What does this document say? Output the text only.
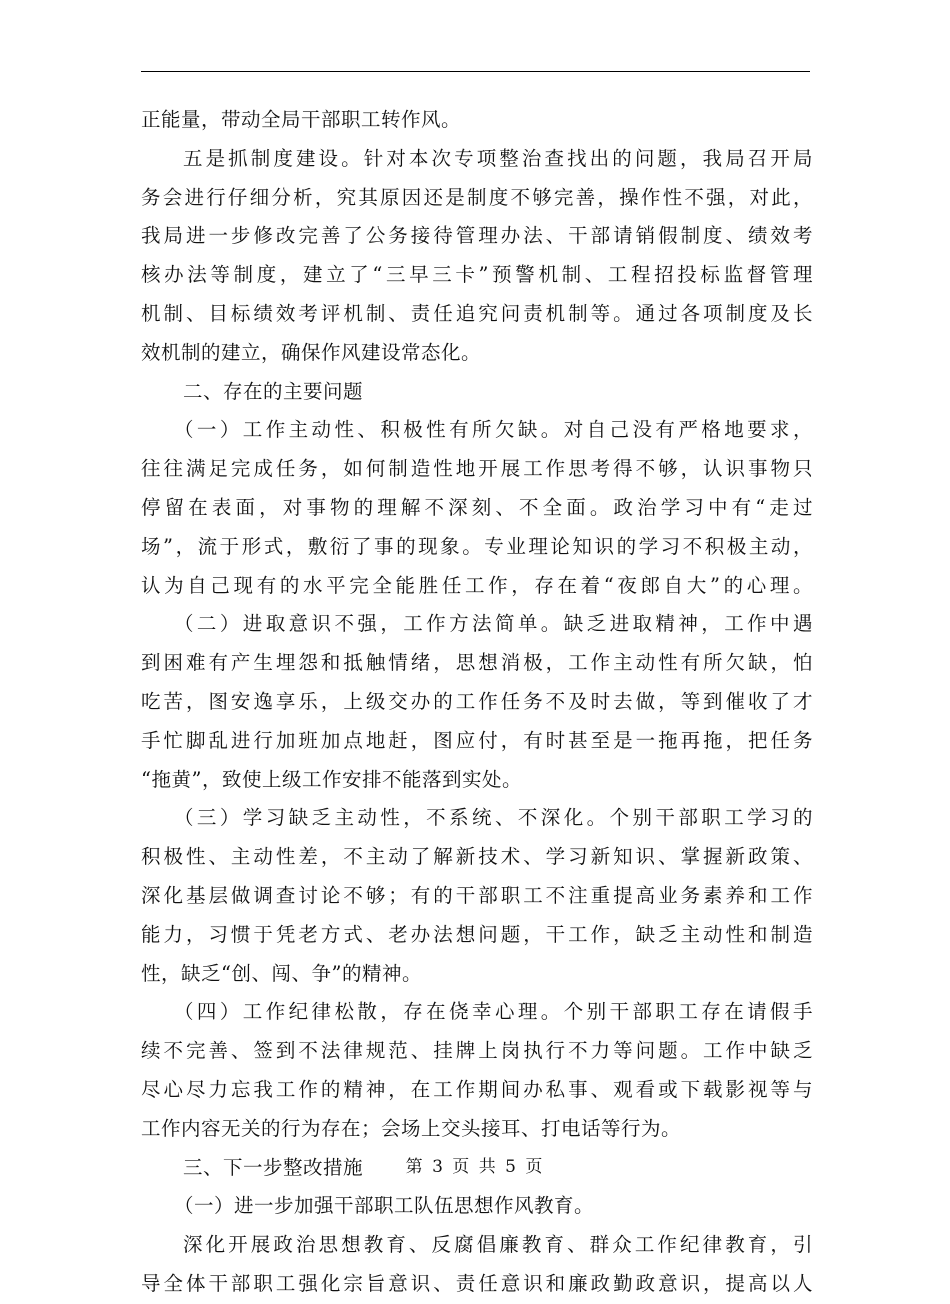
正能量，带动全局干部职工转作风。
五是抓制度建设。针对本次专项整治查找出的问题，我局召开局
务会进行仔细分析，究其原因还是制度不够完善，操作性不强，对此，
我局进一步修改完善了公务接待管理办法、干部请销假制度、绩效考
核办法等制度，建立了“三早三卡”预警机制、工程招投标监督管理
机制、目标绩效考评机制、责任追究问责机制等。通过各项制度及长
效机制的建立，确保作风建设常态化。
二、存在的主要问题
（一）工作主动性、积极性有所欠缺。对自己没有严格地要求，
往往满足完成任务，如何制造性地开展工作思考得不够，认识事物只
停留在表面，对事物的理解不深刻、不全面。政治学习中有“走过
场”，流于形式，敷衍了事的现象。专业理论知识的学习不积极主动，
认为自己现有的水平完全能胜任工作，存在着“夜郎自大”的心理。
（二）进取意识不强，工作方法简单。缺乏进取精神，工作中遇
到困难有产生埋怨和抵触情绪，思想消极，工作主动性有所欠缺，怕
吃苦，图安逸享乐，上级交办的工作任务不及时去做，等到催收了才
手忙脚乱进行加班加点地赶，图应付，有时甚至是一拖再拖，把任务
“拖黄”，致使上级工作安排不能落到实处。
（三）学习缺乏主动性，不系统、不深化。个别干部职工学习的
积极性、主动性差，不主动了解新技术、学习新知识、掌握新政策、
深化基层做调查讨论不够；有的干部职工不注重提高业务素养和工作
能力，习惯于凭老方式、老办法想问题，干工作，缺乏主动性和制造
性，缺乏“创、闯、争”的精神。
（四）工作纪律松散，存在侥幸心理。个别干部职工存在请假手
续不完善、签到不法律规范、挂牌上岗执行不力等问题。工作中缺乏
尽心尽力忘我工作的精神，在工作期间办私事、观看或下载影视等与
工作内容无关的行为存在；会场上交头接耳、打电话等行为。
三、下一步整改措施
（一）进一步加强干部职工队伍思想作风教育。
深化开展政治思想教育、反腐倡廉教育、群众工作纪律教育，引
导全体干部职工强化宗旨意识、责任意识和廉政勤政意识，提高以人
第 3 页 共 5 页
